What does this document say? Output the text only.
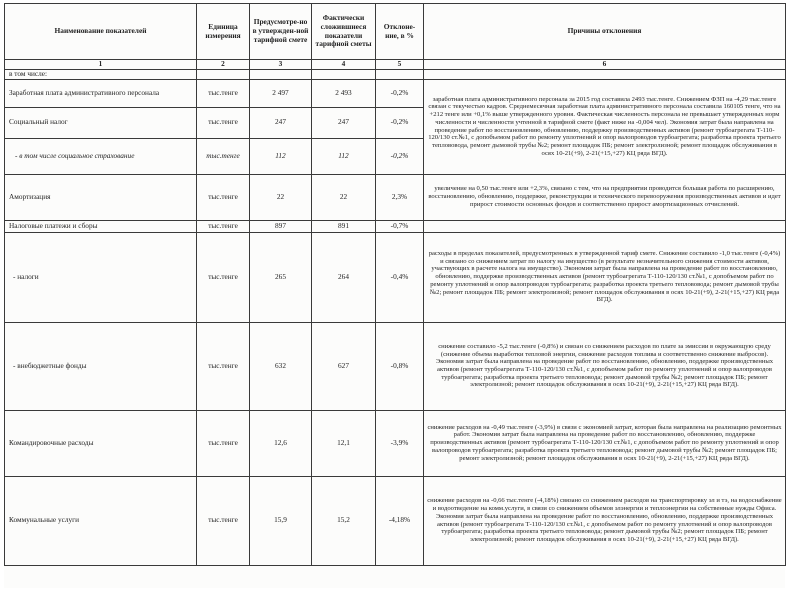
Наименование показателей	Единица измерения	Предусмотре-но в утвержден-ной тарифной смете	Фактически сложившиеся показатели тарифной сметы	Отклоне-ние, в %	Причины отклонения
1	2	3	4	5	6
в том числе:					
Заработная плата административного персонала	тыс.тенге	2 497	2 493	-0,2%	заработная плата административного персонала за 2015 год составила 2493 тыс.тенге. Снижением ФЗП на -4,29 тыс.тенге связан с текучестью кадров. Среднемесячная заработная плата административного персонала составила 160105 тенге, что на +212 тенге или +0,1% выше утвержденного уровня. Фактическая численность персонала не превышает утвержденных норм численности и численности учтенной в тарифной смете (факт ниже на -0,004 чел). Экономия затрат была направлена на проведение работ по восстановлению, обновлению, поддержку производственных активов (ремонт турбоагрегата Т-110-120/130 ст.№1, с допобъемом работ по ремонту уплотнений и опор валопроводов турбоагрегата; разработка проекта третьего теплововода, ремонт дымовой трубы №2; ремонт площадок ПБ; ремонт электролизной; ремонт площадок обслуживания в осях 10-21(+9), 2-21(+15,+27) КЦ ряда ВГД).
Социальный налог	тыс.тенге	247	247	-0,2%	
- в том числе социальное страхование	тыс.тенге	112	112	-0,2%	
Амортизация	тыс.тенге	22	22	2,3%	увеличение на 0,50 тыс.тенге или +2,3%, связано с тем, что на предприятии проводится большая работа по расширению, восстановлению, обновлению, поддержке, реконструкции и технического перевооружения производственных активов и идет прирост стоимости основных фондов и соответственно прирост амортизационных отчислений.
Налоговые платежи и сборы	тыс.тенге	897	891	-0,7%	
- налоги	тыс.тенге	265	264	-0,4%	расходы в пределах показателей, предусмотренных в утвержденной тариф смете. Снижение составило -1,0 тыс.тенге (-0,4%) и связано со снижением затрат по налогу на имущество (в результате незначительного снижения стоимости активов, участвующих в расчете налога на имущество). Экономия затрат была направлена на проведение работ по восстановлению, обновлению, поддержке производственных активов (ремонт турбоагрегата Т-110-120/130 ст.№1, с допобъемом работ по ремонту уплотнений и опор валопроводов турбоагрегата; разработка проекта третьего теплововода; ремонт дымовой трубы №2; ремонт площадок ПБ; ремонт электролизной; ремонт площадок обслуживания в осях 10-21(+9), 2-21(+15,+27) КЦ ряда ВГД).
- внебюджетные фонды	тыс.тенге	632	627	-0,8%	снижение составило -5,2 тыс.тенге (-0,8%) и связан со снижением расходов по плате за эмиссии в окружающую среду (снижение объема выработки тепловой энергии, снижение расходов топлива и соответственно снижение выбросов). Экономия затрат была направлена на проведение работ по восстановлению, обновлению, поддержке производственных активов (ремонт турбоагрегата Т-110-120/130 ст.№1, с допобъемом работ по ремонту уплотнений и опор валопроводов турбоагрегата; разработка проекта третьего теплововода; ремонт дымовой трубы №2; ремонт площадок ПБ; ремонт электролизной; ремонт площадок обслуживания в осях 10-21(+9), 2-21(+15,+27) КЦ ряда ВГД).
Командировочные расходы	тыс.тенге	12,6	12,1	-3,9%	снижение расходов на -0,49 тыс.тенге (-3,9%) в связи с экономией затрат, которая была направлена на реализацию ремонтных работ. Экономия затрат была направлена на проведение работ по восстановлению, обновлению, поддержке производственных активов (ремонт турбоагрегата Т-110-120/130 ст.№1, с допобъемом работ по ремонту уплотнений и опор валопроводов турбоагрегата; разработка проекта третьего теплововода; ремонт дымовой трубы №2; ремонт площадок ПБ; ремонт электролизной; ремонт площадок обслуживания в осях 10-21(+9), 2-21(+15,+27) КЦ ряда ВГД).
Коммунальные услуги	тыс.тенге	15,9	15,2	-4,18%	снижение расходов на -0,66 тыс.тенге (-4,18%) связано со снижением расходов на транспортировку эл и тэ, на водоснабжение и водоотведение на комм.услуги, в связи со снижением объемов элэнергии и теплоэнергии на собственные нужды Офиса. Экономия затрат была направлена на проведение работ по восстановлению, обновлению, поддержке производственных активов (ремонт турбоагрегата Т-110-120/130 ст.№1, с допобъемом работ по ремонту уплотнений и опор валопроводов турбоагрегата; разработка проекта третьего теплововода; ремонт дымовой трубы №2; ремонт площадок ПБ; ремонт электролизной; ремонт площадок обслуживания в осях 10-21(+9), 2-21(+15,+27) КЦ ряда ВГД).
